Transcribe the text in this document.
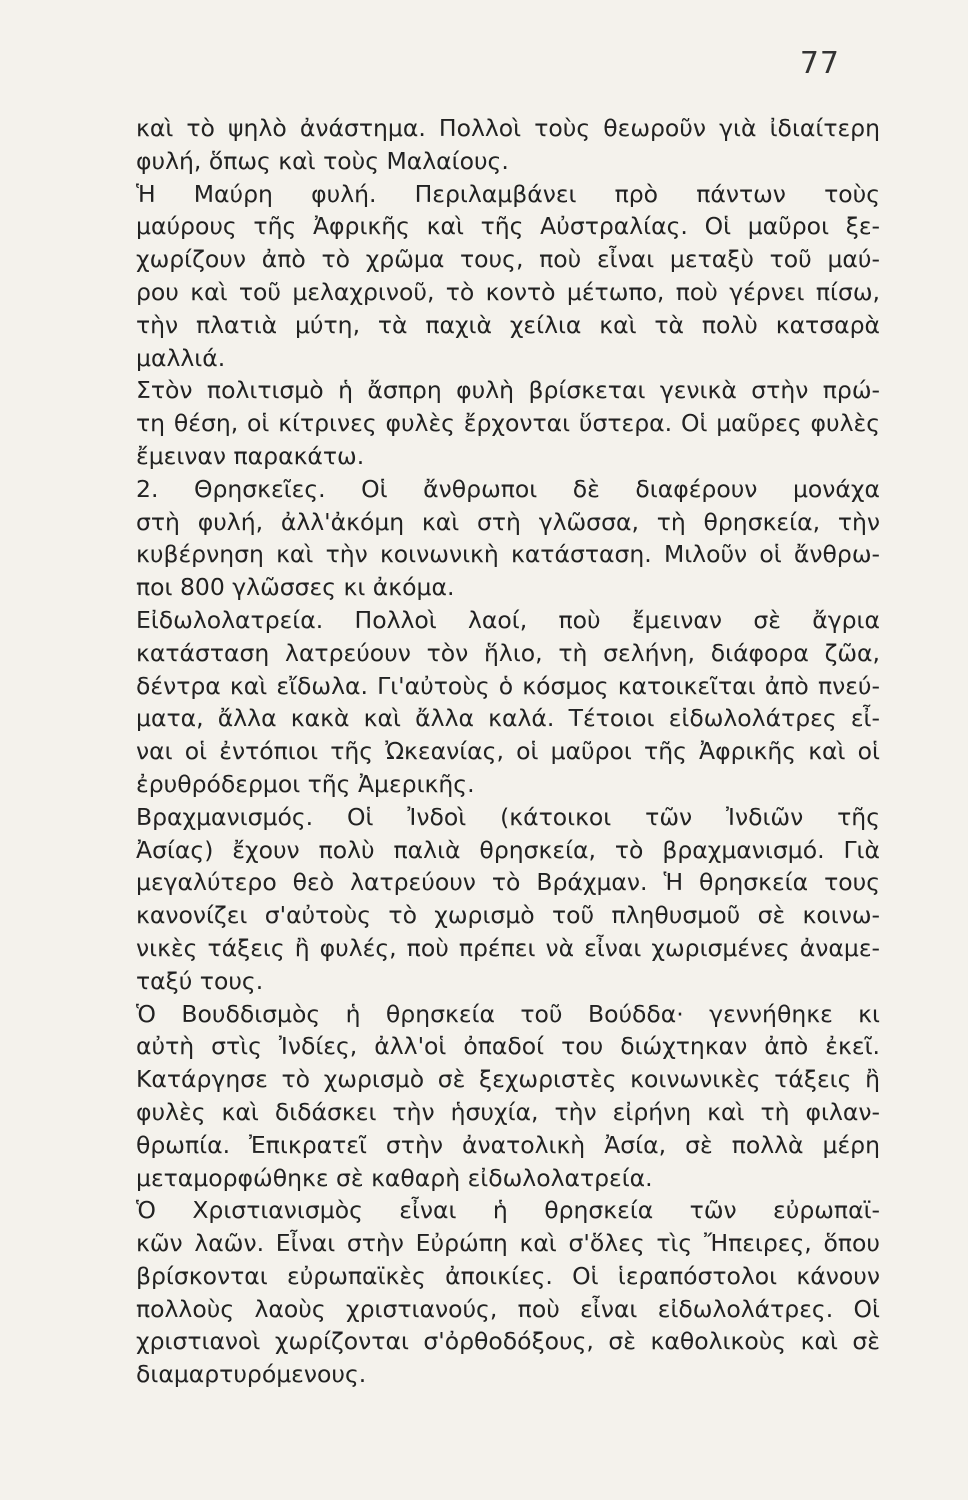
77
καὶ τὸ ψηλὸ ἀνάστημα. Πολλοὶ τοὺς θεωροῦν γιὰ ἰδιαίτερη
φυλή, ὅπως καὶ τοὺς Μαλαίους.
Ἡ Μαύρη φυλή. Περιλαμβάνει πρὸ πάντων τοὺς
μαύρους τῆς Ἀφρικῆς καὶ τῆς Αὐστραλίας. Οἱ μαῦροι ξε-
χωρίζουν ἀπὸ τὸ χρῶμα τους, ποὺ εἶναι μεταξὺ τοῦ μαύ-
ρου καὶ τοῦ μελαχρινοῦ, τὸ κοντὸ μέτωπο, ποὺ γέρνει πίσω,
τὴν πλατιὰ μύτη, τὰ παχιὰ χείλια καὶ τὰ πολὺ κατσαρὰ
μαλλιά.
Στὸν πολιτισμὸ ἡ ἄσπρη φυλὴ βρίσκεται γενικὰ στὴν πρώ-
τη θέση, οἱ κίτρινες φυλὲς ἔρχονται ὕστερα. Οἱ μαῦρες φυλὲς
ἔμειναν παρακάτω.
2. Θρησκεῖες. Οἱ ἄνθρωποι δὲ διαφέρουν μονάχα
στὴ φυλή, ἀλλ'ἀκόμη καὶ στὴ γλῶσσα, τὴ θρησκεία, τὴν
κυβέρνηση καὶ τὴν κοινωνικὴ κατάσταση. Μιλοῦν οἱ ἄνθρω-
ποι 800 γλῶσσες κι ἀκόμα.
Εἰδωλολατρεία. Πολλοὶ λαοί, ποὺ ἔμειναν σὲ ἄγρια
κατάσταση λατρεύουν τὸν ἥλιο, τὴ σελήνη, διάφορα ζῶα,
δέντρα καὶ εἴδωλα. Γι'αὐτοὺς ὁ κόσμος κατοικεῖται ἀπὸ πνεύ-
ματα, ἄλλα κακὰ καὶ ἄλλα καλά. Τέτοιοι εἰδωλολάτρες εἶ-
ναι οἱ ἐντόπιοι τῆς Ὠκεανίας, οἱ μαῦροι τῆς Ἀφρικῆς καὶ οἱ
ἐρυθρόδερμοι τῆς Ἀμερικῆς.
Βραχμανισμός. Οἱ Ἰνδοὶ (κάτοικοι τῶν Ἰνδιῶν τῆς
Ἀσίας) ἔχουν πολὺ παλιὰ θρησκεία, τὸ βραχμανισμό. Γιὰ
μεγαλύτερο θεὸ λατρεύουν τὸ Βράχμαν. Ἡ θρησκεία τους
κανονίζει σ'αὐτοὺς τὸ χωρισμὸ τοῦ πληθυσμοῦ σὲ κοινω-
νικὲς τάξεις ἢ φυλές, ποὺ πρέπει νὰ εἶναι χωρισμένες ἀναμε-
ταξύ τους.
Ὁ Βουδδισμὸς ἡ θρησκεία τοῦ Βούδδα· γεννήθηκε κι
αὐτὴ στὶς Ἰνδίες, ἀλλ'οἱ ὀπαδοί του διώχτηκαν ἀπὸ ἐκεῖ.
Κατάργησε τὸ χωρισμὸ σὲ ξεχωριστὲς κοινωνικὲς τάξεις ἢ
φυλὲς καὶ διδάσκει τὴν ἡσυχία, τὴν εἰρήνη καὶ τὴ φιλαν-
θρωπία. Ἐπικρατεῖ στὴν ἀνατολικὴ Ἀσία, σὲ πολλὰ μέρη
μεταμορφώθηκε σὲ καθαρὴ εἰδωλολατρεία.
Ὁ Χριστιανισμὸς εἶναι ἡ θρησκεία τῶν εὐρωπαϊ-
κῶν λαῶν. Εἶναι στὴν Εὐρώπη καὶ σ'ὅλες τὶς Ἤπειρες, ὅπου
βρίσκονται εὐρωπαϊκὲς ἀποικίες. Οἱ ἱεραπόστολοι κάνουν
πολλοὺς λαοὺς χριστιανούς, ποὺ εἶναι εἰδωλολάτρες. Οἱ
χριστιανοὶ χωρίζονται σ'ὀρθοδόξους, σὲ καθολικοὺς καὶ σὲ
διαμαρτυρόμενους.
